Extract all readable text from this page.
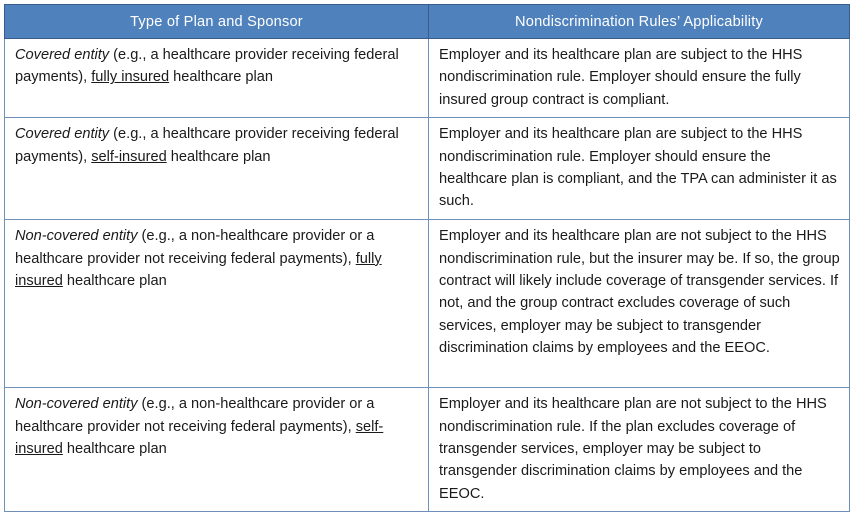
Type of Plan and Sponsor	Nondiscrimination Rules’ Applicability
Covered entity (e.g., a healthcare provider receiving federal payments), fully insured healthcare plan	Employer and its healthcare plan are subject to the HHS nondiscrimination rule. Employer should ensure the fully insured group contract is compliant.
Covered entity (e.g., a healthcare provider receiving federal payments), self-insured healthcare plan	Employer and its healthcare plan are subject to the HHS nondiscrimination rule. Employer should ensure the healthcare plan is compliant, and the TPA can administer it as such.
Non-covered entity (e.g., a non-healthcare provider or a healthcare provider not receiving federal payments), fully insured healthcare plan	Employer and its healthcare plan are not subject to the HHS nondiscrimination rule, but the insurer may be. If so, the group contract will likely include coverage of transgender services. If not, and the group contract excludes coverage of such services, employer may be subject to transgender discrimination claims by employees and the EEOC.
Non-covered entity (e.g., a non-healthcare provider or a healthcare provider not receiving federal payments), self-insured healthcare plan	Employer and its healthcare plan are not subject to the HHS nondiscrimination rule. If the plan excludes coverage of transgender services, employer may be subject to transgender discrimination claims by employees and the EEOC.
